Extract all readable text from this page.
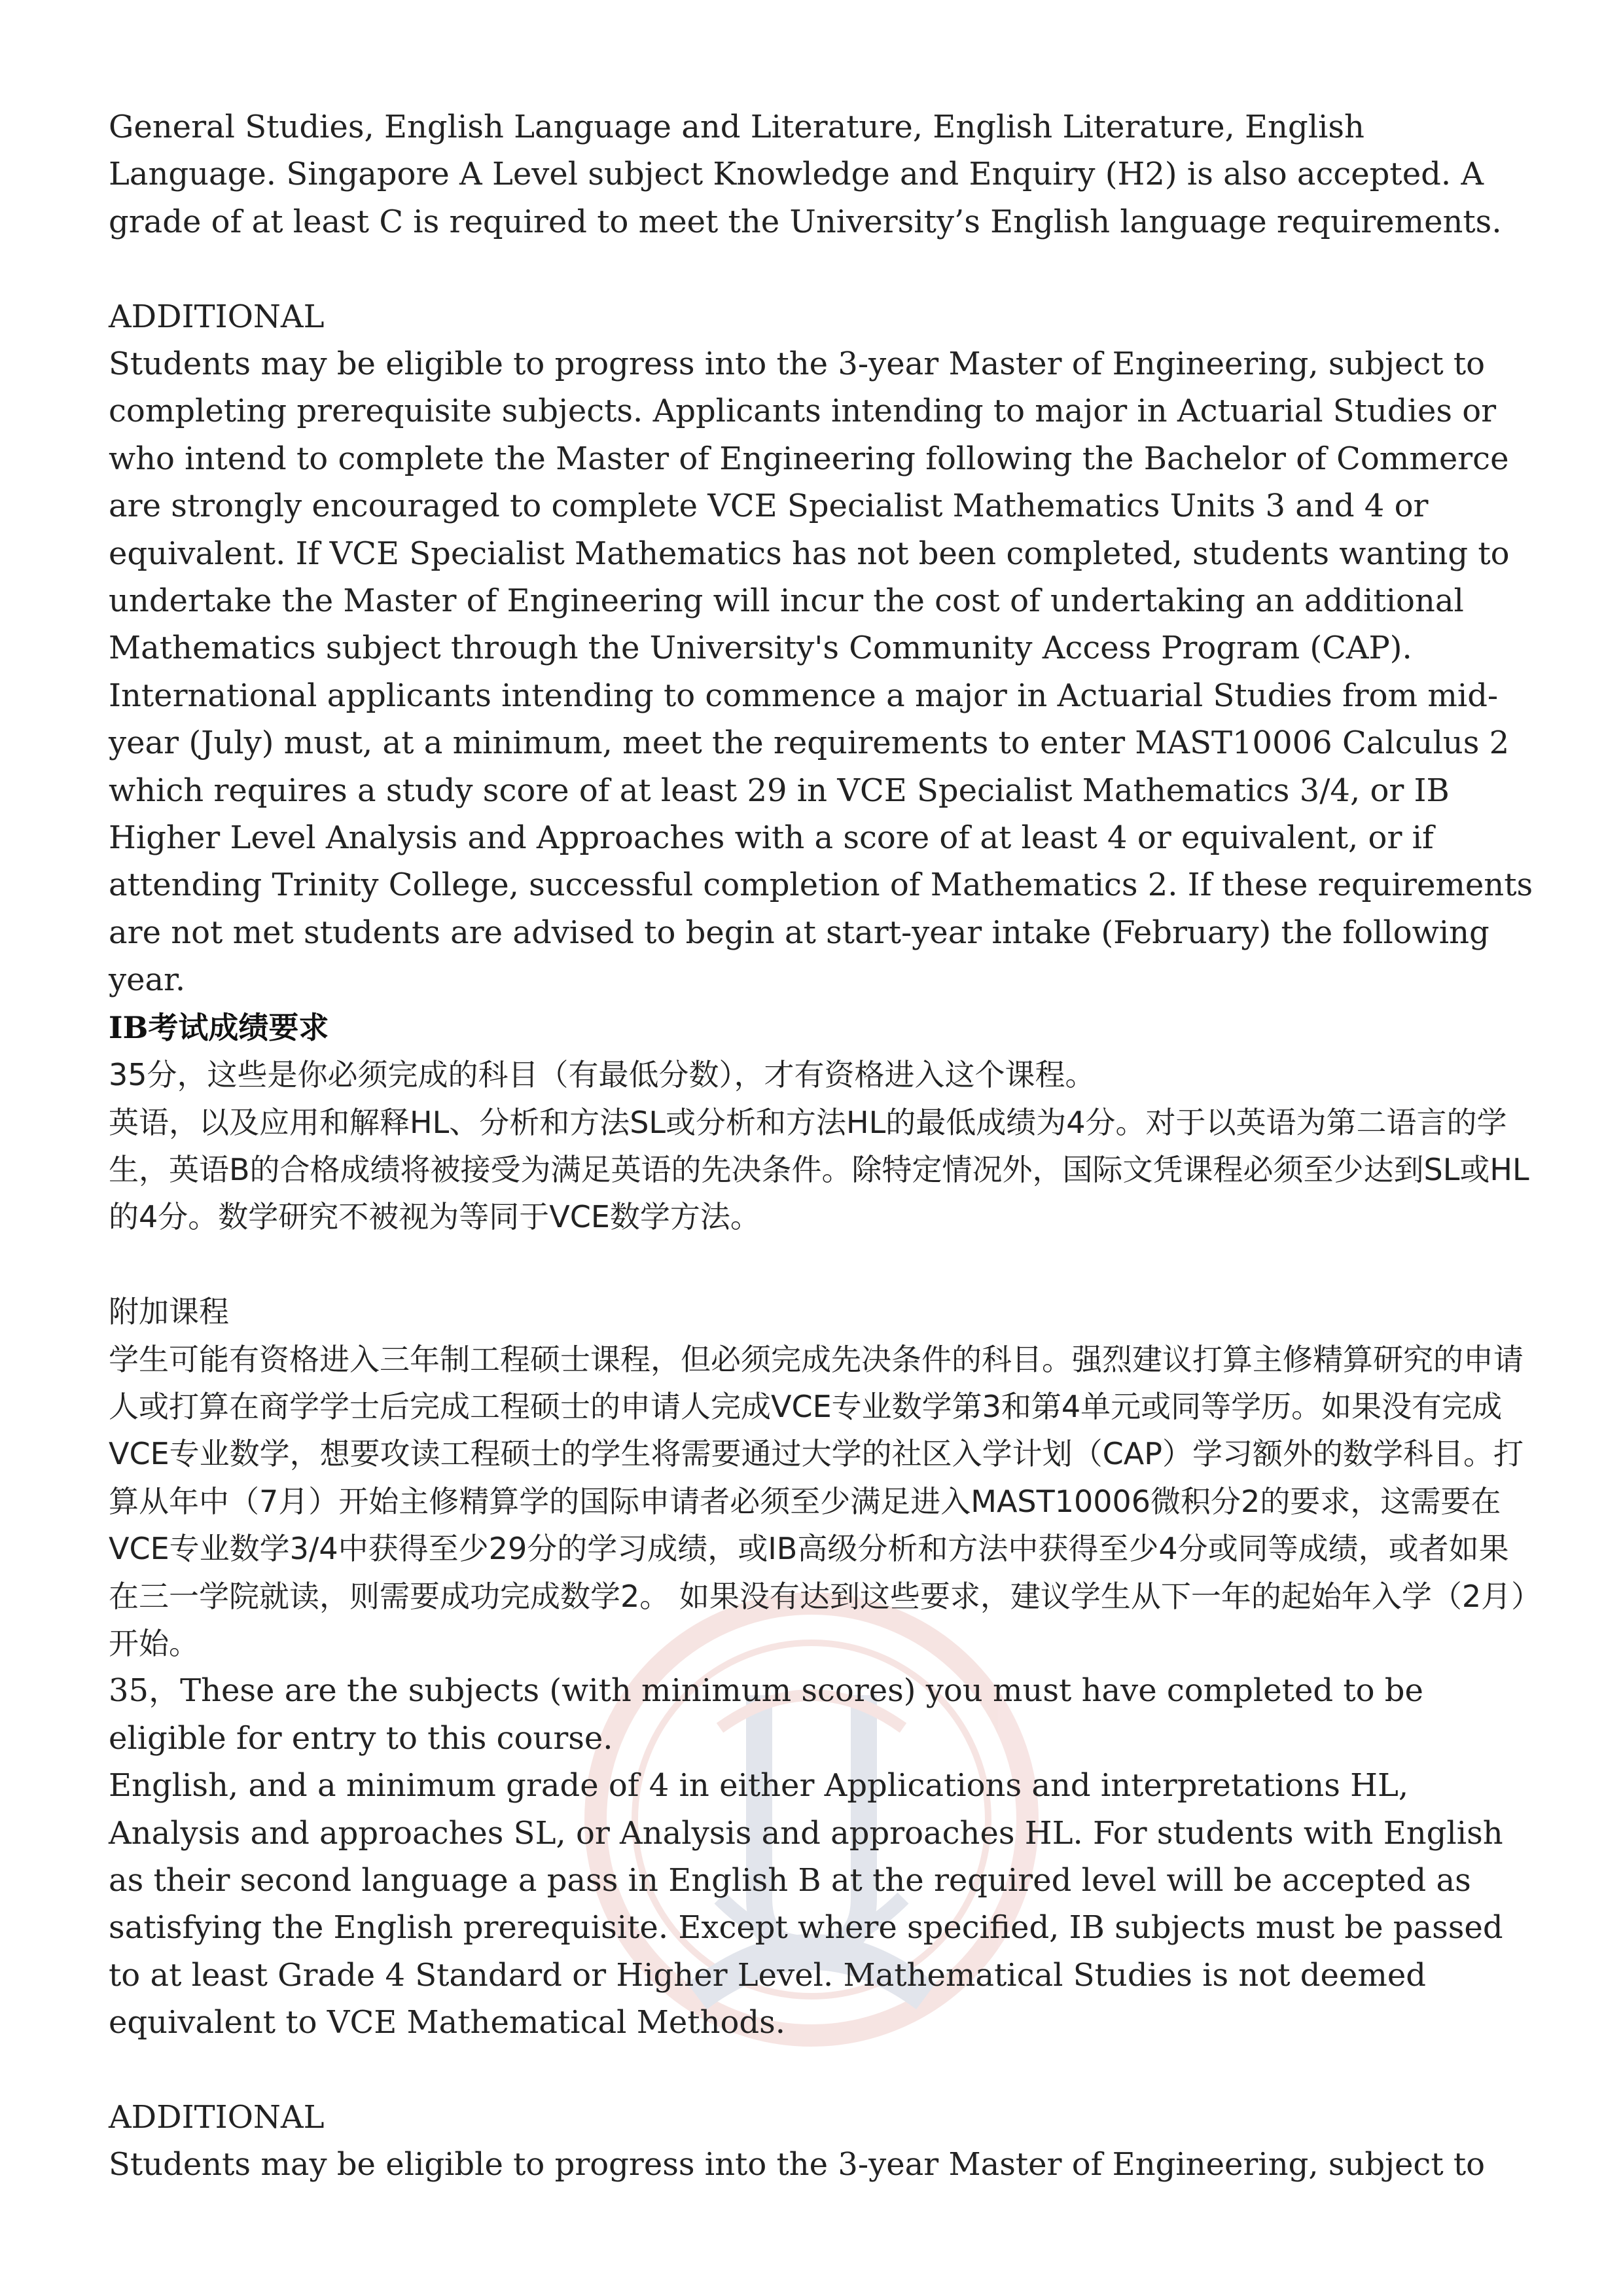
General Studies, English Language and Literature, English Literature, English Language. Singapore A Level subject Knowledge and Enquiry (H2) is also accepted. A grade of at least C is required to meet the University’s English language requirements.

ADDITIONAL

Students may be eligible to progress into the 3-year Master of Engineering, subject to completing prerequisite subjects. Applicants intending to major in Actuarial Studies or who intend to complete the Master of Engineering following the Bachelor of Commerce are strongly encouraged to complete VCE Specialist Mathematics Units 3 and 4 or equivalent. If VCE Specialist Mathematics has not been completed, students wanting to undertake the Master of Engineering will incur the cost of undertaking an additional Mathematics subject through the University's Community Access Program (CAP). International applicants intending to commence a major in Actuarial Studies from mid-year (July) must, at a minimum, meet the requirements to enter MAST10006 Calculus 2 which requires a study score of at least 29 in VCE Specialist Mathematics 3/4, or IB Higher Level Analysis and Approaches with a score of at least 4 or equivalent, or if attending Trinity College, successful completion of Mathematics 2. If these requirements are not met students are advised to begin at start-year intake (February) the following year.

IB考试成绩要求

35分，这些是你必须完成的科目（有最低分数），才有资格进入这个课程。

英语，以及应用和解释HL、分析和方法SL或分析和方法HL的最低成绩为4分。对于以英语为第二语言的学生，英语B的合格成绩将被接受为满足英语的先决条件。除特定情况外，国际文凭课程必须至少达到SL或HL的4分。数学研究不被视为等同于VCE数学方法。

附加课程

学生可能有资格进入三年制工程硕士课程，但必须完成先决条件的科目。强烈建议打算主修精算研究的申请人或打算在商学学士后完成工程硕士的申请人完成VCE专业数学第3和第4单元或同等学历。如果没有完成VCE专业数学，想要攻读工程硕士的学生将需要通过大学的社区入学计划（CAP）学习额外的数学科目。打算从年中（7月）开始主修精算学的国际申请者必须至少满足进入MAST10006微积分2的要求，这需要在VCE专业数学3/4中获得至少29分的学习成绩，或IB高级分析和方法中获得至少4分或同等成绩，或者如果在三一学院就读，则需要成功完成数学2。 如果没有达到这些要求，建议学生从下一年的起始年入学（2月）开始。

35，These are the subjects (with minimum scores) you must have completed to be eligible for entry to this course.

English, and a minimum grade of 4 in either Applications and interpretations HL, Analysis and approaches SL, or Analysis and approaches HL. For students with English as their second language a pass in English B at the required level will be accepted as satisfying the English prerequisite. Except where specified, IB subjects must be passed to at least Grade 4 Standard or Higher Level. Mathematical Studies is not deemed equivalent to VCE Mathematical Methods.

ADDITIONAL

Students may be eligible to progress into the 3-year Master of Engineering, subject to
